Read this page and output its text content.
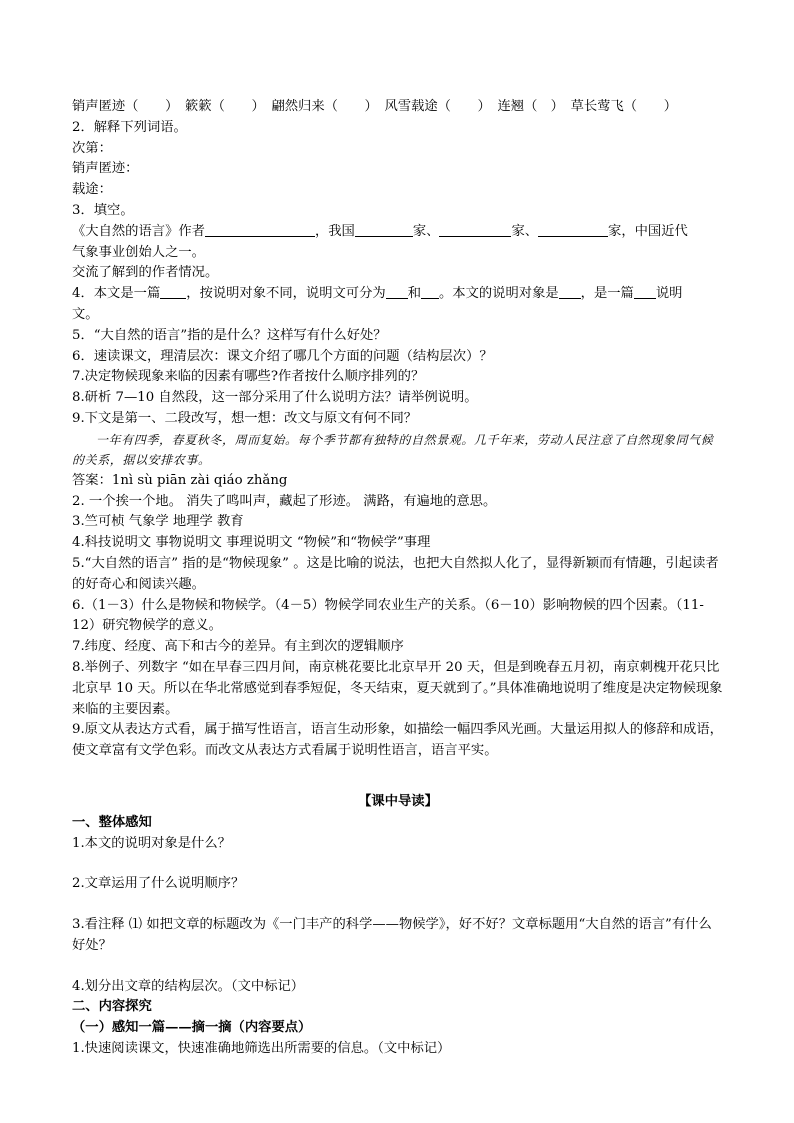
销声匿迹（　　）　簌簌（　　）　翩然归来（　　）　风雪载途（　　）　连翘（　）　草长莺飞（　　）
2．解释下列词语。
次第：
销声匿迹：
载途：
3．填空。
《大自然的语言》作者	，我国	家、	家、	家，中国近代
气象事业创始人之一。
交流了解到的作者情况。
4．本文是一篇 ，按说明对象不同，说明文可分为 和 。本文的说明对象是 ，是一篇 说明
文。
5．“大自然的语言”指的是什么？这样写有什么好处？
6．速读课文，理清层次：课文介绍了哪几个方面的问题（结构层次）？
7.决定物候现象来临的因素有哪些?作者按什么顺序排列的？
8.研析 7—10 自然段，这一部分采用了什么说明方法？请举例说明。
9.下文是第一、二段改写，想一想：改文与原文有何不同？
一年有四季，春夏秋冬，周而复始。每个季节都有独特的自然景观。几千年来，劳动人民注意了自然现象同气候的关系，据以安排农事。
答案：1nì sù piān zài qiáo zhǎng
2. 一个挨一个地。 消失了鸣叫声，藏起了形迹。 满路，有遍地的意思。
3.竺可桢 气象学 地理学 教育
4.科技说明文 事物说明文 事理说明文 “物候”和“物候学”事理
5.“大自然的语言” 指的是“物候现象” 。这是比喻的说法，也把大自然拟人化了，显得新颖而有情趣，引起读者的好奇心和阅读兴趣。
6.（1－3）什么是物候和物候学。（4－5）物候学同农业生产的关系。（6－10）影响物候的四个因素。（11-12）研究物候学的意义。
7.纬度、经度、高下和古今的差异。有主到次的逻辑顺序
8.举例子、列数字 “如在早春三四月间，南京桃花要比北京早开 20 天，但是到晚春五月初，南京刺槐开花只比北京早 10 天。所以在华北常感觉到春季短促，冬天结束，夏天就到了。”具体准确地说明了维度是决定物候现象来临的主要因素。
9.原文从表达方式看，属于描写性语言，语言生动形象，如描绘一幅四季风光画。大量运用拟人的修辞和成语，使文章富有文学色彩。而改文从表达方式看属于说明性语言，语言平实。
【课中导读】
一、整体感知
1.本文的说明对象是什么？
2.文章运用了什么说明顺序？
3.看注释 ⑴ 如把文章的标题改为《一门丰产的科学——物候学》，好不好？文章标题用“大自然的语言”有什么好处？
4.划分出文章的结构层次。（文中标记）
二、内容探究
（一）感知一篇——摘一摘（内容要点）
1.快速阅读课文，快速准确地筛选出所需要的信息。（文中标记）
